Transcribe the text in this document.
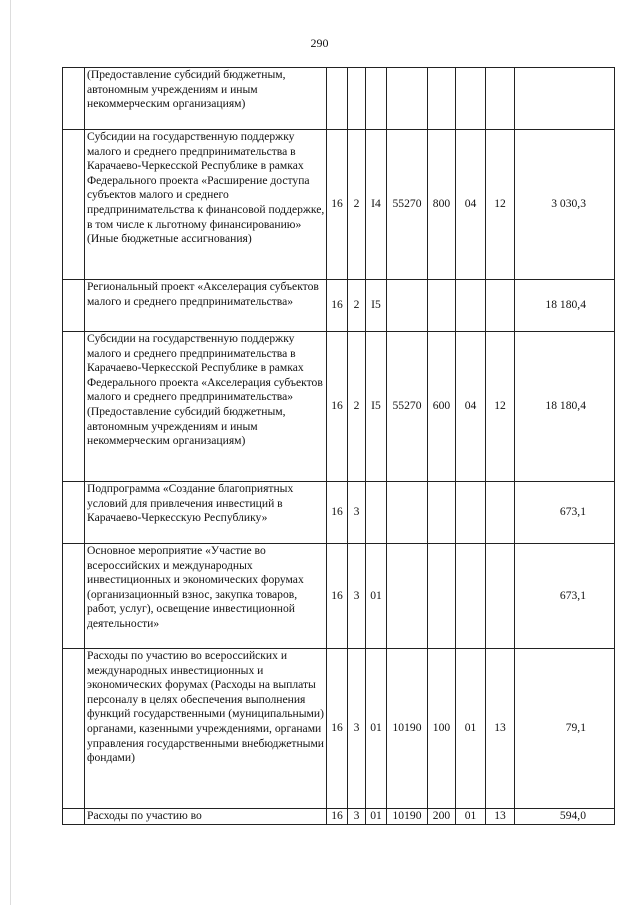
290
	(Предоставление субсидий бюджетным, автономным учреждениям и иным некоммерческим организациям)								
	Субсидии на государственную поддержку малого и среднего предпринимательства в Карачаево-Черкесской Республике в рамках Федерального проекта «Расширение доступа субъектов малого и среднего предпринимательства к финансовой поддержке, в том числе к льготному финансированию» (Иные бюджетные ассигнования)	16	2	I4	55270	800	04	12	3 030,3
	Региональный проект «Акселерация субъектов малого и среднего предпринимательства»	16	2	I5					18 180,4
	Субсидии на государственную поддержку малого и среднего предпринимательства в Карачаево-Черкесской Республике в рамках Федерального проекта «Акселерация субъектов малого и среднего предпринимательства» (Предоставление субсидий бюджетным, автономным учреждениям и иным некоммерческим организациям)	16	2	I5	55270	600	04	12	18 180,4
	Подпрограмма «Создание благоприятных условий для привлечения инвестиций в Карачаево-Черкесскую Республику»	16	3						673,1
	Основное мероприятие «Участие во всероссийских и международных инвестиционных и экономических форумах (организационный взнос, закупка товаров, работ, услуг), освещение инвестиционной деятельности»	16	3	01					673,1
	Расходы по участию во всероссийских и международных инвестиционных и экономических форумах (Расходы на выплаты персоналу в целях обеспечения выполнения функций государственными (муниципальными) органами, казенными учреждениями, органами управления государственными внебюджетными фондами)	16	3	01	10190	100	01	13	79,1
	Расходы по участию во	16	3	01	10190	200	01	13	594,0
